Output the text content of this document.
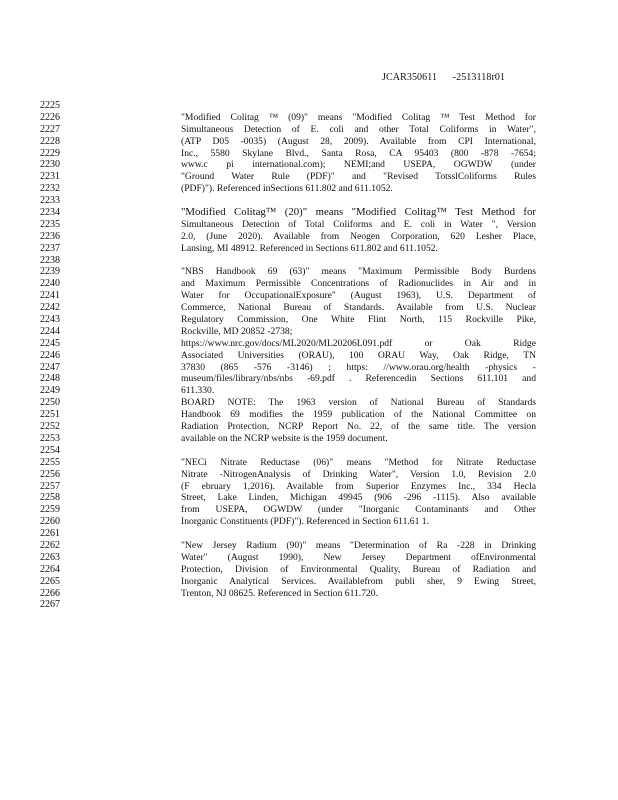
JCAR350611      -2513118r01
2225
2226
2227
2228
2229
2230
2231
2232
2233
2234
2235
2236
2237
2238
2239
2240
2241
2242
2243
2244
2245
2246
2247
2248
2249
2250
2251
2252
2253
2254
2255
2256
2257
2258
2259
2260
2261
2262
2263
2264
2265
2266
2267
"Modified Colitag ™ (09)" means "Modified Colitag ™ Test Method for
Simultaneous Detection of E. coli and other Total Coliforms in Water",
(ATP D05 -0035) (August 28, 2009). Available from CPI International,
Inc., 5580 Skylane Blvd., Santa Rosa, CA 95403 (800 -878 -7654;
www.c pi international.com); NEMI;and USEPA, OGWDW (under
"Ground Water Rule (PDF)" and "Revised TotsslColiforms Rules
(PDF)"). Referenced inSections 611.802 and 611.1052.
"Modified Colitag™ (20)" means "Modified Colitag™ Test Method for
Simultaneous Detection of Total Coliforms and E. coli in Water ", Version
2.0, (June 2020). Available from Neogen Corporation, 620 Lesher Place,
Lansing, MI 48912. Referenced in Sections 611.802 and 611.1052.
"NBS Handbook 69 (63)" means "Maximum Permissible Body Burdens
and Maximum Permissible Concentrations of Radionuclides in Air and in
Water for OccupationalExposure" (August 1963), U.S. Department of
Commerce, National Bureau of Standards. Available from U.S. Nuclear
Regulatory Commission, One White Flint North, 115 Rockville Pike,
Rockville, MD 20852 -2738;
https://www.nrc.gov/docs/ML2020/ML20206L091.pdf or Oak Ridge
Associated Universities (ORAU), 100 ORAU Way, Oak Ridge, TN
37830 (865 -576 -3146) ; https: //www.orau.org/health -physics -
museum/files/library/nbs/nbs -69.pdf . Referencedin Sections 611.101 and
611.330.
BOARD NOTE: The 1963 version of National Bureau of Standards
Handbook 69 modifies the 1959 publication of the National Committee on
Radiation Protection, NCRP Report No. 22, of the same title. The version
available on the NCRP website is the 1959 document.
"NECi Nitrate Reductase (06)" means "Method for Nitrate Reductase
Nitrate -NitrogenAnalysis of Drinking Water", Version 1.0, Revision 2.0
(F ebruary 1,2016). Available from Superior Enzymes Inc., 334 Hecla
Street, Lake Linden, Michigan 49945 (906 -296 -1115). Also available
from USEPA, OGWDW (under "Inorganic Contaminants and Other
Inorganic Constituents (PDF)"). Referenced in Section 611.61 1.
"New Jersey Radium (90)" means "Determination of Ra -228 in Drinking
Water" (August 1990), New Jersey Department ofEnvironmental
Protection, Division of Environmental Quality, Bureau of Radiation and
Inorganic Analytical Services. Availablefrom publi sher, 9 Ewing Street,
Trenton, NJ 08625. Referenced in Section 611.720.
